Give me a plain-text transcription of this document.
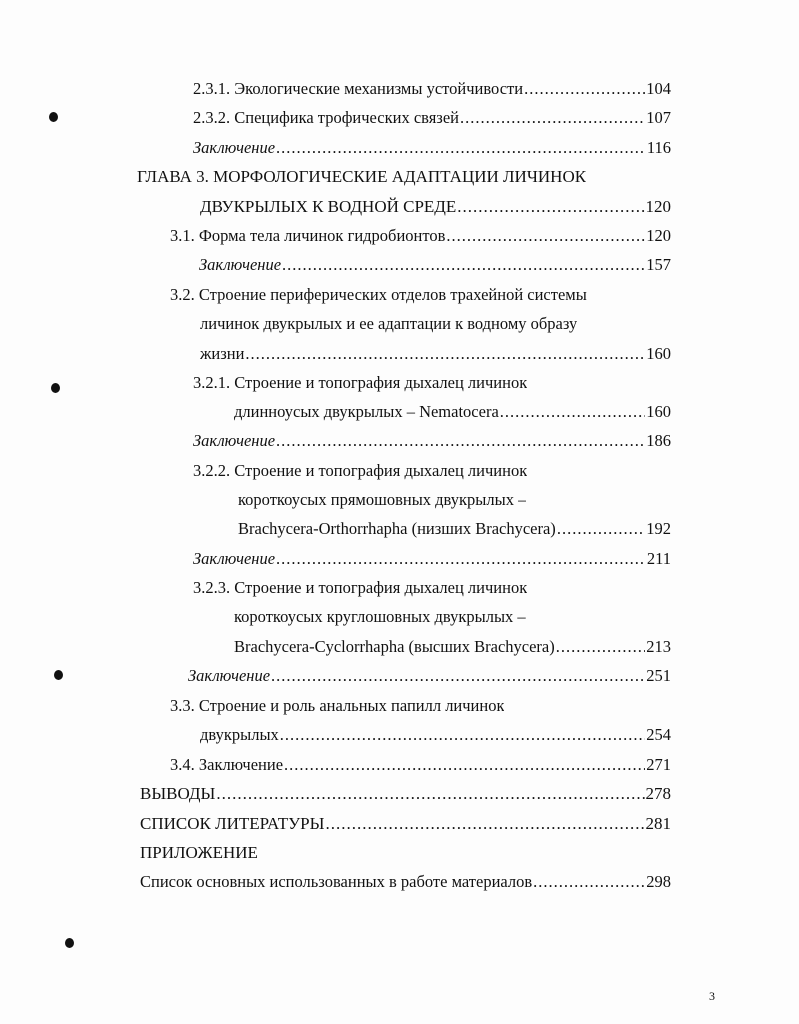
2.3.1. Экологические механизмы устойчивости .....	104
2.3.2. Специфика трофических связей .....	107
Заключение .....	116
ГЛАВА 3. МОРФОЛОГИЧЕСКИЕ АДАПТАЦИИ ЛИЧИНОК
ДВУКРЫЛЫХ К ВОДНОЙ СРЕДЕ .....	120
3.1. Форма тела личинок гидробионтов .....	120
Заключение .....	157
3.2. Строение периферических отделов трахейной системы
личинок двукрылых и ее адаптации к водному образу
жизни .....	160
3.2.1. Строение и топография дыхалец личинок
длинноусых двукрылых – Nematocera .....	160
Заключение .....	186
3.2.2. Строение и топография дыхалец личинок
короткоусых прямошовных двукрылых –
Brachycera-Orthorrhapha (низших Brachycera) .....	192
Заключение .....	211
3.2.3. Строение и топография дыхалец личинок
короткоусых круглошовных двукрылых –
Brachycera-Cyclorrhapha (высших Brachycera) .....	213
Заключение .....	251
3.3. Строение и роль анальных папилл личинок
двукрылых .....	254
3.4. Заключение .....	271
ВЫВОДЫ .....	278
СПИСОК ЛИТЕРАТУРЫ .....	281
ПРИЛОЖЕНИЕ
Список основных использованных в работе материалов .....	298
3
